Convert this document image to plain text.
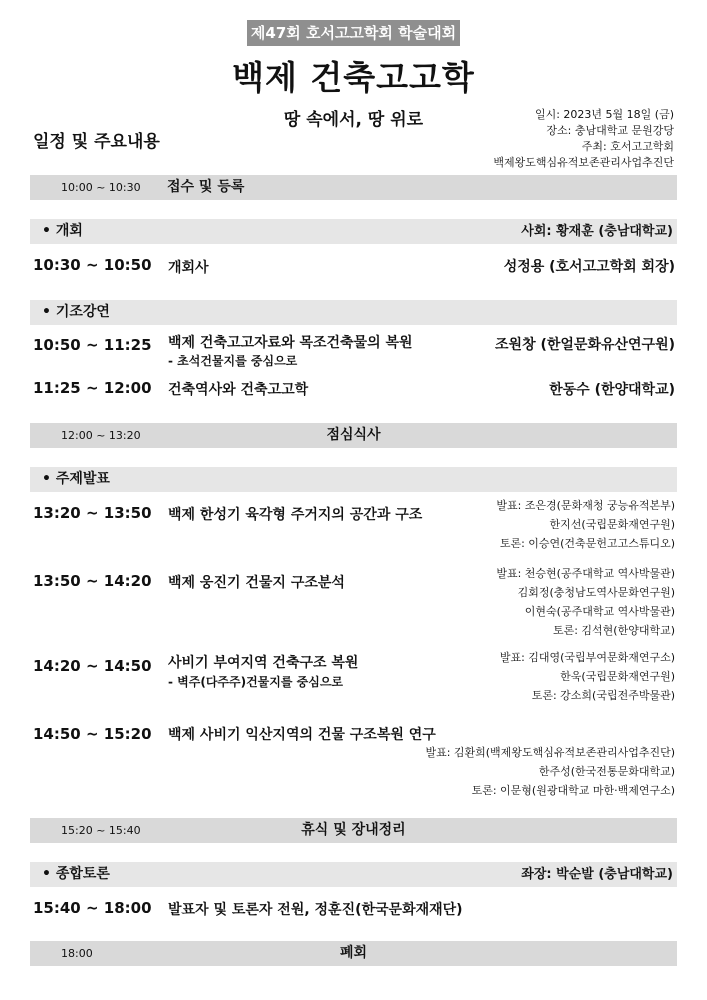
제47회 호서고고학회 학술대회
백제 건축고고학
땅 속에서, 땅 위로
일정 및 주요내용
일시: 2023년 5월 18일 (금)
장소: 충남대학교 문원강당
주최: 호서고고학회
백제왕도핵심유적보존관리사업추진단
10:00 ~ 10:30 접수 및 등록
• 개회	사회: 황재훈 (충남대학교)
10:30 ~ 10:50 개회사	성정용 (호서고고학회 회장)
• 기조강연
10:50 ~ 11:25 백제 건축고고자료와 목조건축물의 복원
- 초석건물지를 중심으로
조원창 (한얼문화유산연구원)
11:25 ~ 12:00 건축역사와 건축고고학	한동수 (한양대학교)
12:00 ~ 13:20	점심식사
• 주제발표
13:20 ~ 13:50 백제 한성기 육각형 주거지의 공간과 구조
발표: 조은경(문화재청 궁능유적본부)
한지선(국립문화재연구원)
토론: 이승연(건축문헌고고스튜디오)
13:50 ~ 14:20 백제 웅진기 건물지 구조분석
발표: 천승현(공주대학교 역사박물관)
김회정(충청남도역사문화연구원)
이현숙(공주대학교 역사박물관)
토론: 김석현(한양대학교)
14:20 ~ 14:50 사비기 부여지역 건축구조 복원
- 벽주(다주주)건물지를 중심으로
발표: 김대영(국립부여문화재연구소)
한욱(국립문화재연구원)
토론: 강소희(국립전주박물관)
14:50 ~ 15:20 백제 사비기 익산지역의 건물 구조복원 연구
발표: 김환희(백제왕도핵심유적보존관리사업추진단)
한주성(한국전통문화대학교)
토론: 이문형(원광대학교 마한·백제연구소)
15:20 ~ 15:40	휴식 및 장내정리
• 종합토론	좌장: 박순발 (충남대학교)
15:40 ~ 18:00 발표자 및 토론자 전원, 정훈진(한국문화재재단)
18:00	폐회
